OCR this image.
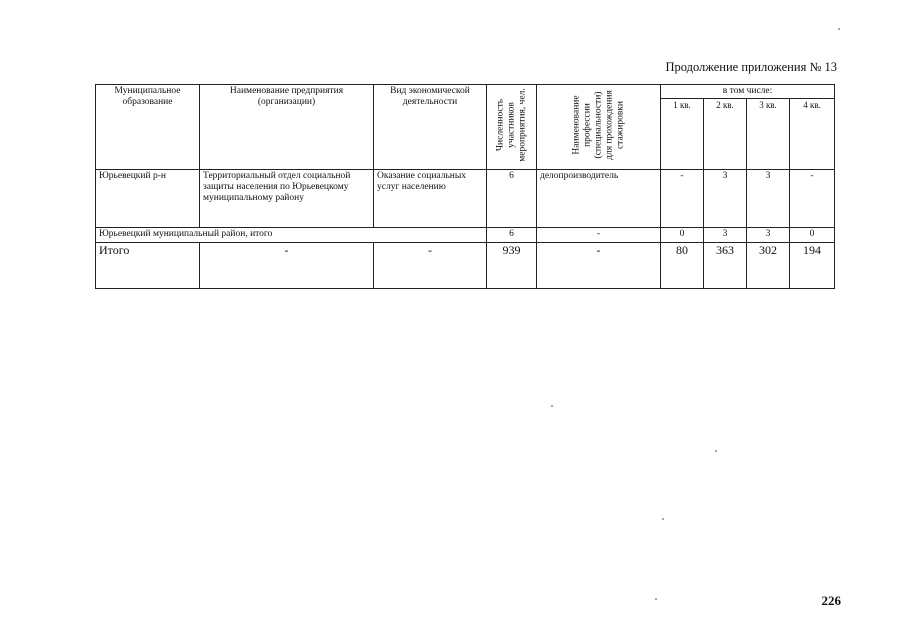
Продолжение приложения № 13
Муниципальное образование	Наименование предприятия (организации)	Вид экономической деятельности	Численность участников мероприятия, чел.	Наименование профессии (специальности) для прохождения стажировки	в том числе:			
					1 кв.	2 кв.	3 кв.	4 кв.
Юрьевецкий р-н	Территориальный отдел социальной защиты населения по Юрьевецкому муниципальному району	Оказание социальных услуг населению	6	делопроизводитель	-	3	3	-
Юрьевецкий муниципальный район, итого			6	-	0	3	3	0
Итого	-	-	939	-	80	363	302	194
226
